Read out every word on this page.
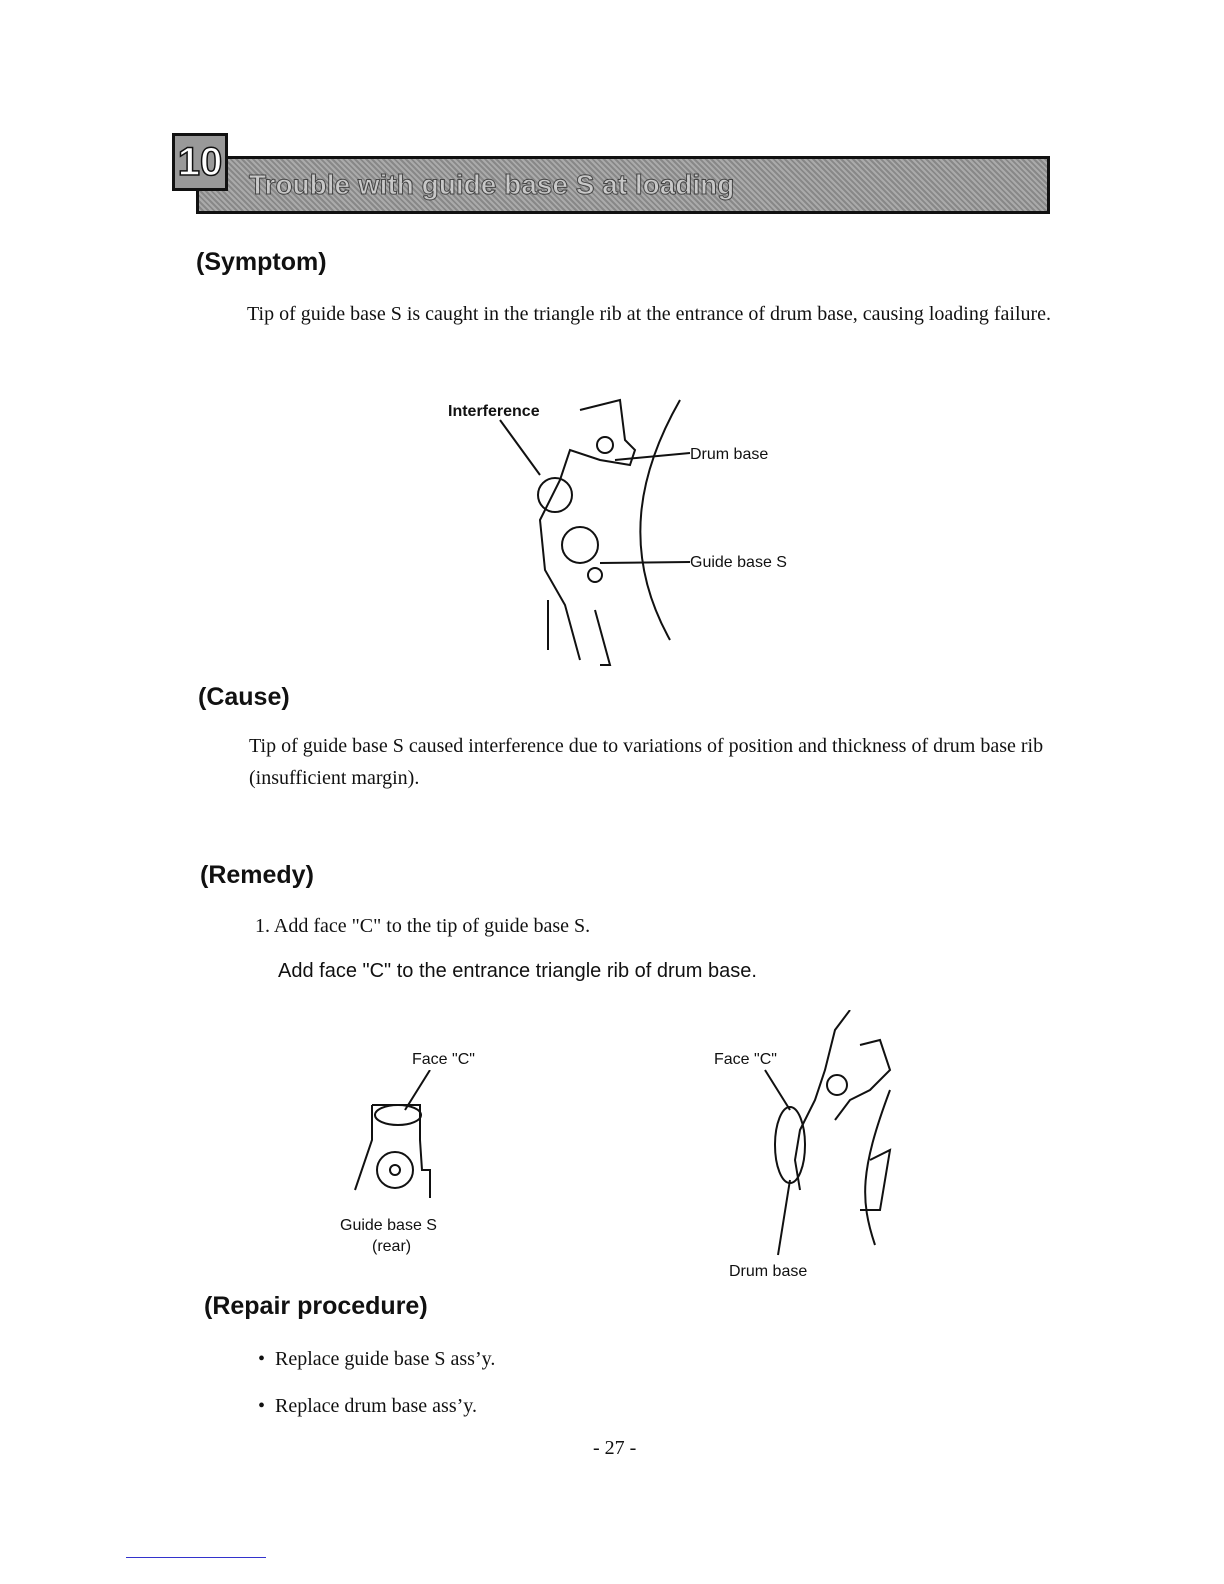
Trouble with guide base S at loading
10
(Symptom)
Tip of guide base S is caught in the triangle rib at the entrance of drum base, causing loading failure.
Interference
Drum base
Guide base S
(Cause)
Tip of guide base S caused interference due to variations of position and thickness of drum base rib (insufficient margin).
(Remedy)
1. Add face "C" to the tip of guide base S.
Add face "C" to the entrance triangle rib of drum base.
Face "C"
Guide base S
(rear)
Face "C"
Drum base
(Repair procedure)
•  Replace guide base S ass’y.
•  Replace drum base ass’y.
- 27 -
